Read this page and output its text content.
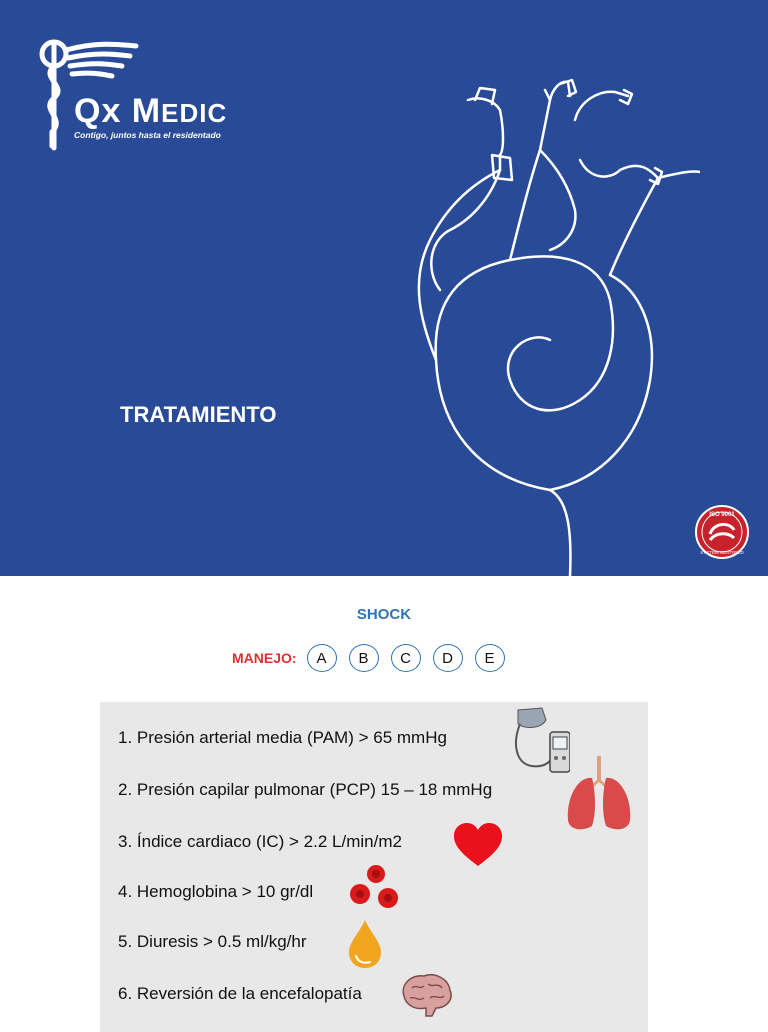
Qx MEDIC
Contigo, juntos hasta el residentado
TRATAMIENTO
ISO 9001
SYSTEM CERTIFIED
SHOCK
MANEJO:	A	B	C	D	E
1. Presión arterial media (PAM) > 65 mmHg
2. Presión capilar pulmonar (PCP) 15 – 18 mmHg
3. Índice cardiaco (IC) > 2.2 L/min/m2
4. Hemoglobina > 10 gr/dl
5. Diuresis > 0.5 ml/kg/hr
6. Reversión de la encefalopatía
